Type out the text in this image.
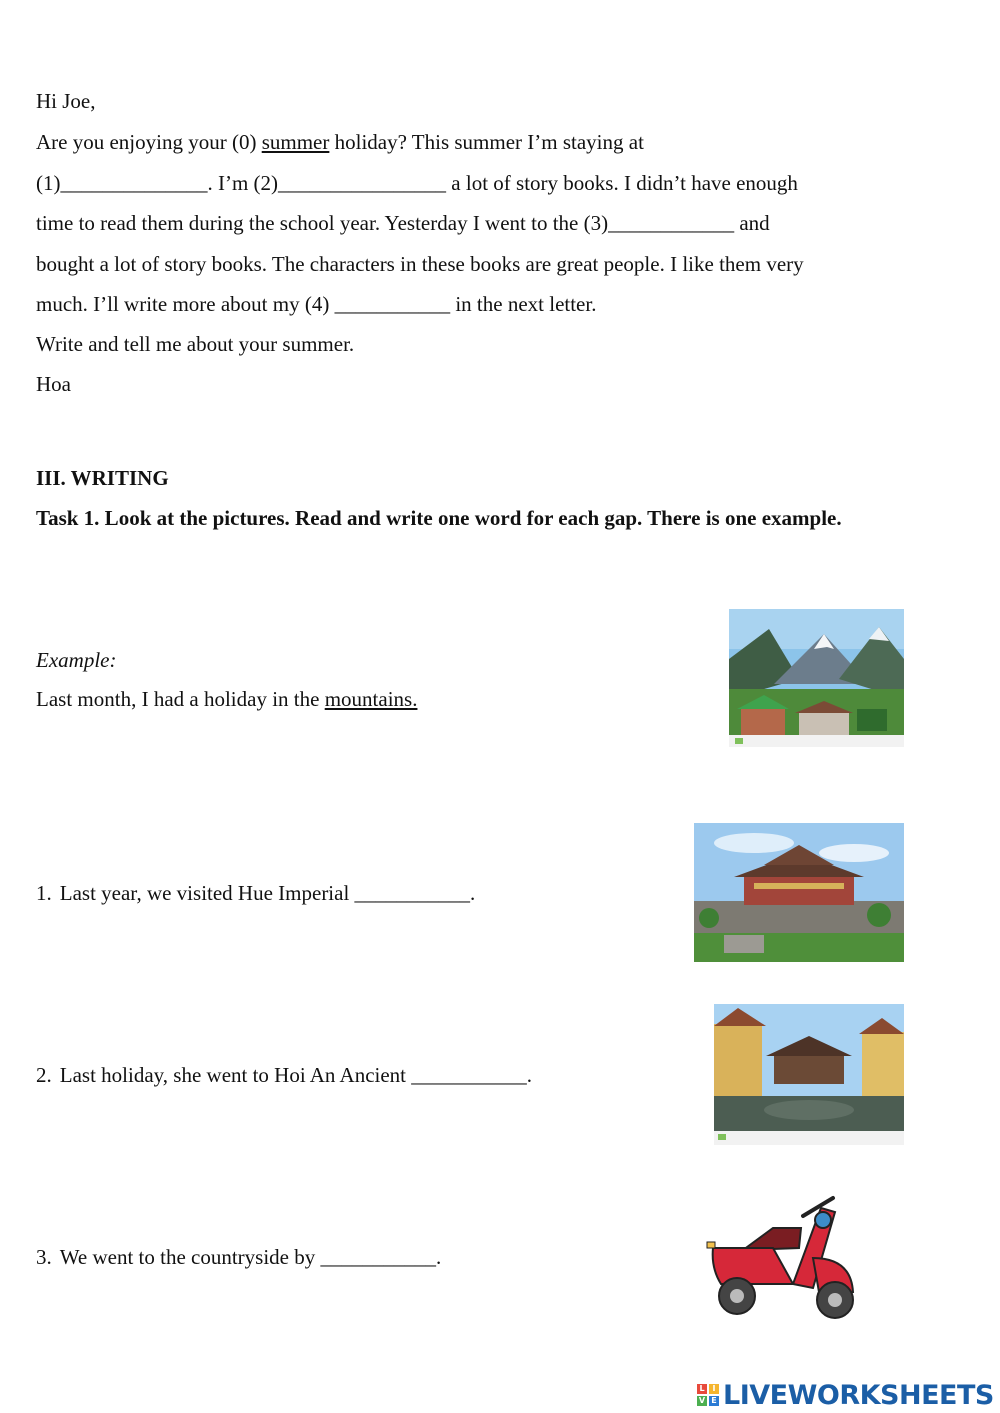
Hi Joe,
Are you enjoying your (0) summer holiday? This summer I’m staying at
(1)______________. I’m (2)________________ a lot of story books. I didn’t have enough
time to read them during the school year. Yesterday I went to the (3)____________ and
bought a lot of story books. The characters in these books are great people. I like them very
much. I’ll write more about my (4) ___________ in the next letter.
Write and tell me about your summer.
Hoa
III. WRITING
Task 1. Look at the pictures. Read and write one word for each gap. There is one example.
Example:
Last month, I had a holiday in the mountains.
1. Last year, we visited Hue Imperial ___________.
2. Last holiday, she went to Hoi An Ancient ___________.
3. We went to the countryside by ___________.
L I
V E LIVEWORKSHEETS
